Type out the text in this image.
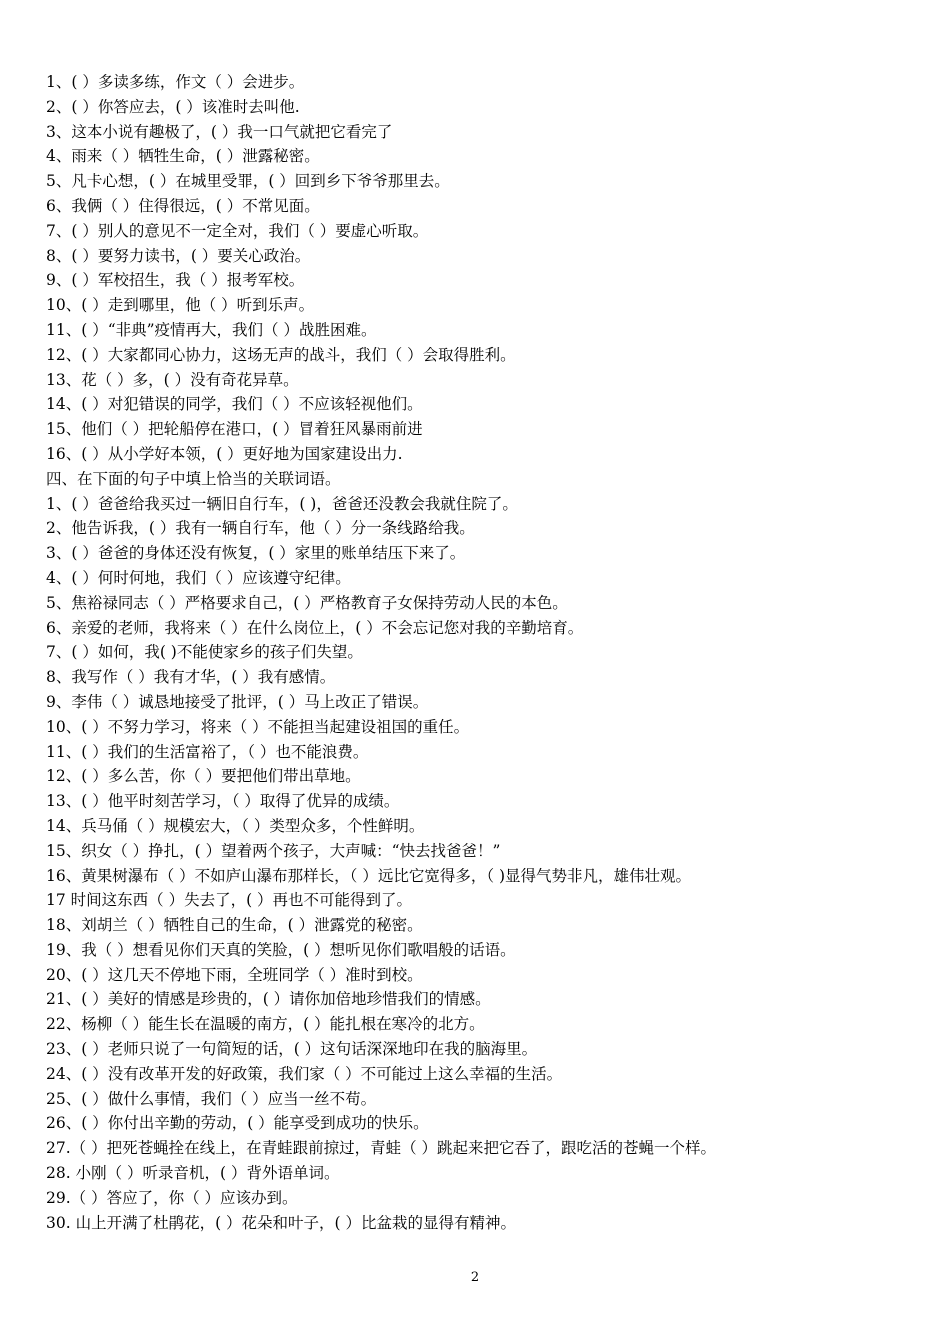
1、( ）多读多练，作文（ ）会进步。
2、( ）你答应去，( ）该准时去叫他.
3、这本小说有趣极了，( ）我一口气就把它看完了
4、雨来（ ）牺牲生命，( ）泄露秘密。
5、凡卡心想，( ）在城里受罪，( ）回到乡下爷爷那里去。
6、我俩（ ）住得很远，( ）不常见面。
7、( ）别人的意见不一定全对，我们（ ）要虚心听取。
8、( ）要努力读书，( ）要关心政治。
9、( ）军校招生，我（ ）报考军校。
10、( ）走到哪里，他（ ）听到乐声。
11、( ）“非典”疫情再大，我们（ ）战胜困难。
12、( ）大家都同心协力，这场无声的战斗，我们（ ）会取得胜利。
13、花（ ）多，( ）没有奇花异草。
14、( ）对犯错误的同学，我们（ ）不应该轻视他们。
15、他们（ ）把轮船停在港口，( ）冒着狂风暴雨前进
16、( ）从小学好本领，( ）更好地为国家建设出力.
四、在下面的句子中填上恰当的关联词语。
1、( ）爸爸给我买过一辆旧自行车，( )，爸爸还没教会我就住院了。
2、他告诉我，( ）我有一辆自行车，他（ ）分一条线路给我。
3、( ）爸爸的身体还没有恢复，( ）家里的账单结压下来了。
4、( ）何时何地，我们（ ）应该遵守纪律。
5、焦裕禄同志（ ）严格要求自己，( ）严格教育子女保持劳动人民的本色。
6、亲爱的老师，我将来（ ）在什么岗位上，( ）不会忘记您对我的辛勤培育。
7、( ）如何，我( )不能使家乡的孩子们失望。
8、我写作（ ）我有才华，( ）我有感情。
9、李伟（ ）诚恳地接受了批评，( ）马上改正了错误。
10、( ）不努力学习，将来（ ）不能担当起建设祖国的重任。
11、( ）我们的生活富裕了，（ ）也不能浪费。
12、( ）多么苦，你（ ）要把他们带出草地。
13、( ）他平时刻苦学习，（ ）取得了优异的成绩。
14、兵马俑（ ）规模宏大，（ ）类型众多，个性鲜明。
15、织女（ ）挣扎，( ）望着两个孩子，大声喊：“快去找爸爸！”
16、黄果树瀑布（ ）不如庐山瀑布那样长，（ ）远比它宽得多，（ )显得气势非凡，雄伟壮观。
17 时间这东西（ ）失去了，( ）再也不可能得到了。
18、刘胡兰（ ）牺牲自己的生命，( ）泄露党的秘密。
19、我（ ）想看见你们天真的笑脸，( ）想听见你们歌唱般的话语。
20、( ）这几天不停地下雨，全班同学（ ）准时到校。
21、( ）美好的情感是珍贵的，( ）请你加倍地珍惜我们的情感。
22、杨柳（ ）能生长在温暖的南方，( ）能扎根在寒冷的北方。
23、( ）老师只说了一句简短的话，( ）这句话深深地印在我的脑海里。
24、( ）没有改革开发的好政策，我们家（ ）不可能过上这么幸福的生活。
25、( ）做什么事情，我们（ ）应当一丝不苟。
26、( ）你付出辛勤的劳动，( ）能享受到成功的快乐。
27.（ ）把死苍蝇拴在线上，在青蛙跟前掠过，青蛙（ ）跳起来把它吞了，跟吃活的苍蝇一个样。
28. 小刚（ ）听录音机，( ）背外语单词。
29.（ ）答应了，你（ ）应该办到。
30. 山上开满了杜鹃花，( ）花朵和叶子，( ）比盆栽的显得有精神。
2
